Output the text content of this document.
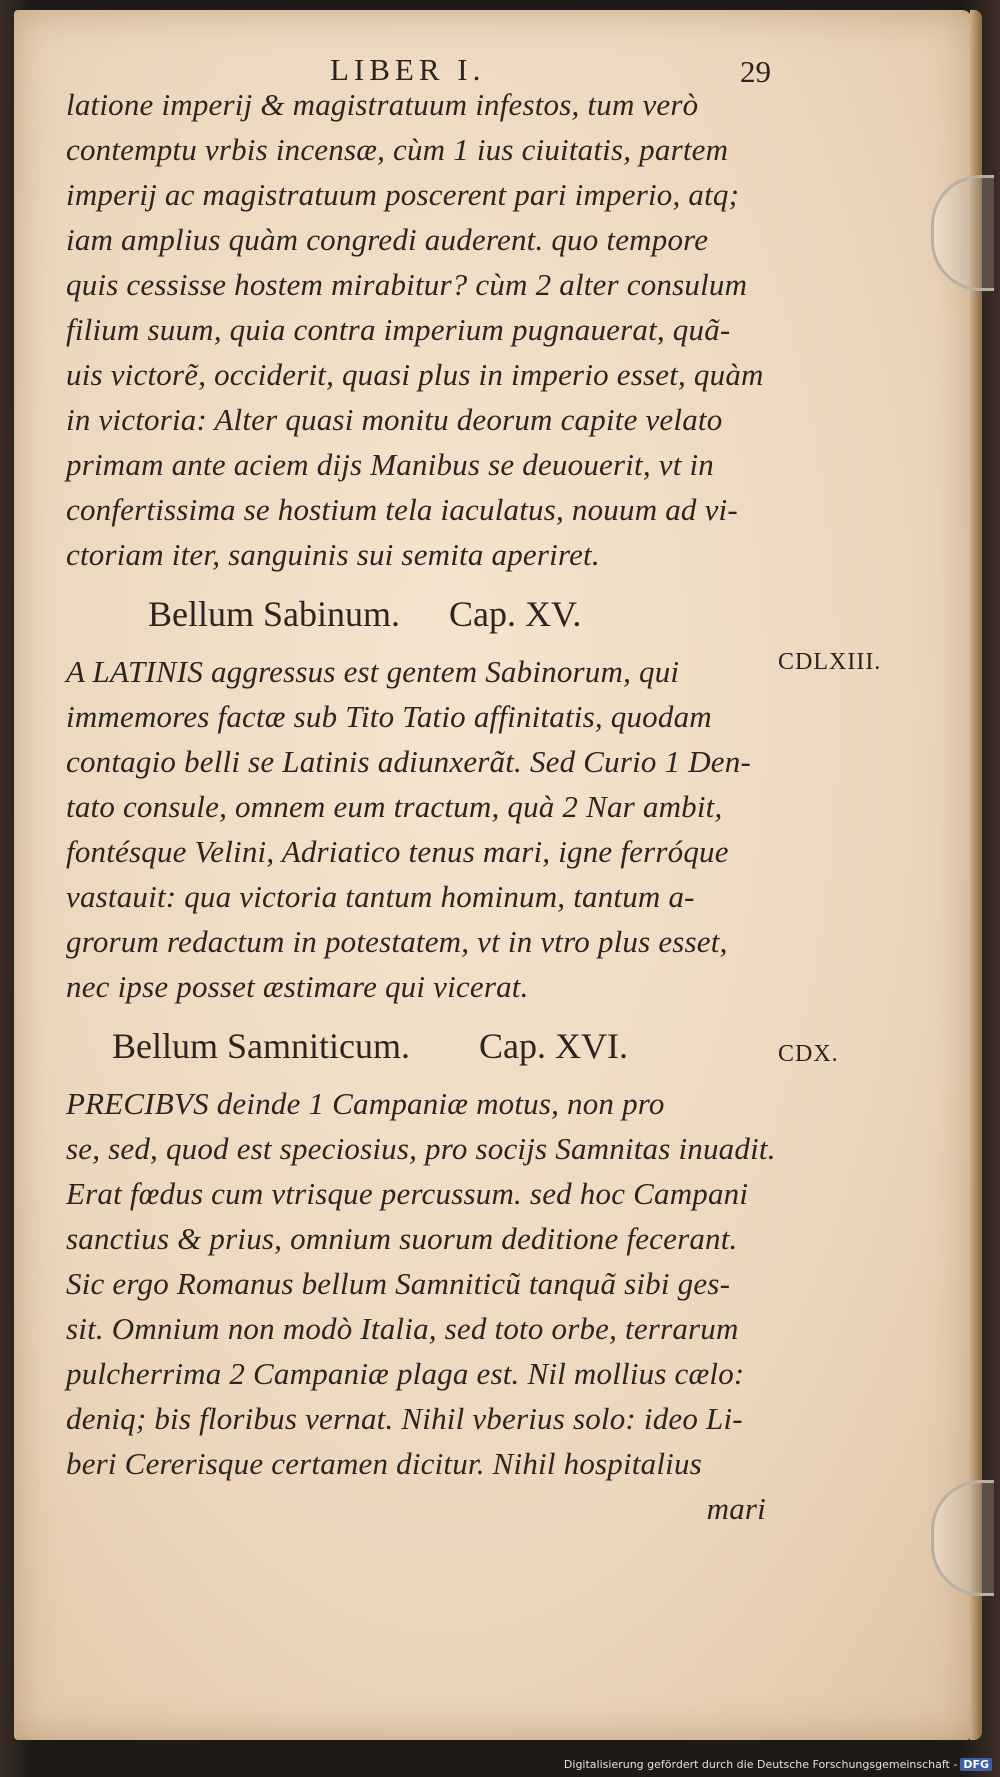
LIBER I.	29
latione imperij & magistratuum infestos, tum verò
contemptu vrbis incensæ, cùm 1 ius ciuitatis, partem
imperij ac magistratuum poscerent pari imperio, atq;
iam amplius quàm congredi auderent. quo tempore
quis cessisse hostem mirabitur? cùm 2 alter consulum
filium suum, quia contra imperium pugnauerat, quã-
uis victorẽ, occiderit, quasi plus in imperio esset, quàm
in victoria: Alter quasi monitu deorum capite velato
primam ante aciem dijs Manibus se deuouerit, vt in
confertissima se hostium tela iaculatus, nouum ad vi-
ctoriam iter, sanguinis sui semita aperiret.
Bellum Sabinum. Cap. XV.
A LATINIS aggressus est gentem Sabinorum, qui
immemores factæ sub Tito Tatio affinitatis, quodam
contagio belli se Latinis adiunxerãt. Sed Curio 1 Den-
tato consule, omnem eum tractum, quà 2 Nar ambit,
fontésque Velini, Adriatico tenus mari, igne ferróque
vastauit: qua victoria tantum hominum, tantum a-
grorum redactum in potestatem, vt in vtro plus esset,
nec ipse posset æstimare qui vicerat.
Bellum Samniticum. Cap. XVI.
PRECIBVS deinde 1 Campaniæ motus, non pro
se, sed, quod est speciosius, pro socijs Samnitas inuadit.
Erat fœdus cum vtrisque percussum. sed hoc Campani
sanctius & prius, omnium suorum deditione fecerant.
Sic ergo Romanus bellum Samniticũ tanquã sibi ges-
sit. Omnium non modò Italia, sed toto orbe, terrarum
pulcherrima 2 Campaniæ plaga est. Nil mollius cælo:
deniq; bis floribus vernat. Nihil vberius solo: ideo Li-
beri Cererisque certamen dicitur. Nihil hospitalius
mari
CDLXIII.
CDX.
Digitalisierung gefördert durch die Deutsche Forschungsgemeinschaft - DFG
